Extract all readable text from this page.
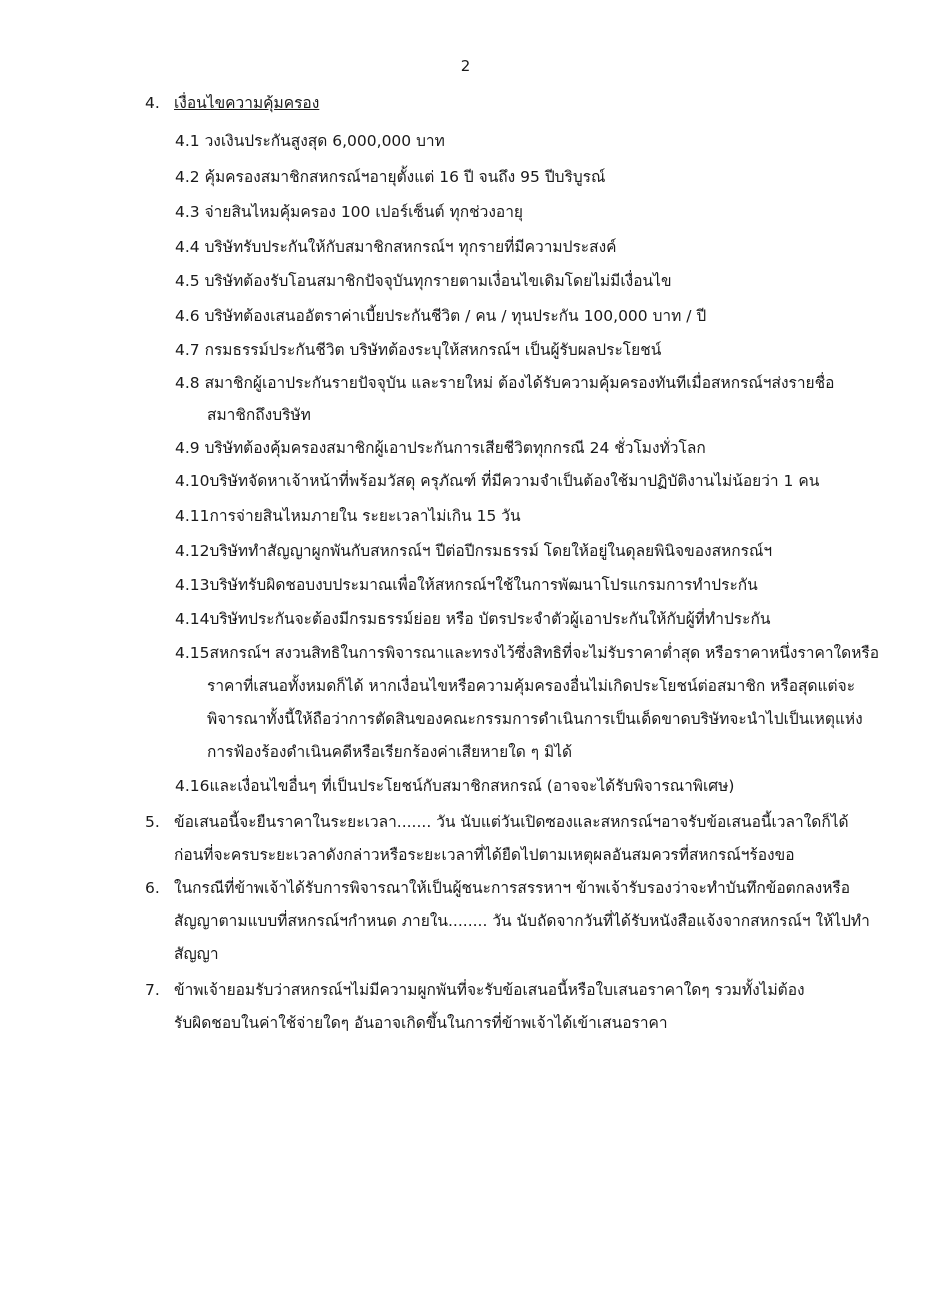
2
4. เงื่อนไขความคุ้มครอง
4.1 วงเงินประกันสูงสุด 6,000,000 บาท
4.2 คุ้มครองสมาชิกสหกรณ์ฯอายุตั้งแต่ 16 ปี จนถึง 95 ปีบริบูรณ์
4.3 จ่ายสินไหมคุ้มครอง 100 เปอร์เซ็นต์ ทุกช่วงอายุ
4.4 บริษัทรับประกันให้กับสมาชิกสหกรณ์ฯ ทุกรายที่มีความประสงค์
4.5 บริษัทต้องรับโอนสมาชิกปัจจุบันทุกรายตามเงื่อนไขเดิมโดยไม่มีเงื่อนไข
4.6 บริษัทต้องเสนออัตราค่าเบี้ยประกันชีวิต / คน / ทุนประกัน 100,000 บาท / ปี
4.7 กรมธรรม์ประกันชีวิต บริษัทต้องระบุให้สหกรณ์ฯ เป็นผู้รับผลประโยชน์
4.8 สมาชิกผู้เอาประกันรายปัจจุบัน และรายใหม่ ต้องได้รับความคุ้มครองทันทีเมื่อสหกรณ์ฯส่งรายชื่อ
สมาชิกถึงบริษัท
4.9 บริษัทต้องคุ้มครองสมาชิกผู้เอาประกันการเสียชีวิตทุกกรณี 24 ชั่วโมงทั่วโลก
4.10บริษัทจัดหาเจ้าหน้าที่พร้อมวัสดุ ครุภัณฑ์ ที่มีความจำเป็นต้องใช้มาปฏิบัติงานไม่น้อยว่า 1 คน
4.11การจ่ายสินไหมภายใน ระยะเวลาไม่เกิน 15 วัน
4.12บริษัททำสัญญาผูกพันกับสหกรณ์ฯ ปีต่อปีกรมธรรม์ โดยให้อยู่ในดุลยพินิจของสหกรณ์ฯ
4.13บริษัทรับผิดชอบงบประมาณเพื่อให้สหกรณ์ฯใช้ในการพัฒนาโปรแกรมการทำประกัน
4.14บริษัทประกันจะต้องมีกรมธรรม์ย่อย หรือ บัตรประจำตัวผู้เอาประกันให้กับผู้ที่ทำประกัน
4.15สหกรณ์ฯ สงวนสิทธิในการพิจารณาและทรงไว้ซึ่งสิทธิที่จะไม่รับราคาต่ำสุด หรือราคาหนึ่งราคาใดหรือ
ราคาที่เสนอทั้งหมดก็ได้ หากเงื่อนไขหรือความคุ้มครองอื่นไม่เกิดประโยชน์ต่อสมาชิก หรือสุดแต่จะ
พิจารณาทั้งนี้ให้ถือว่าการตัดสินของคณะกรรมการดำเนินการเป็นเด็ดขาดบริษัทจะนำไปเป็นเหตุแห่ง
การฟ้องร้องดำเนินคดีหรือเรียกร้องค่าเสียหายใด ๆ มิได้
4.16และเงื่อนไขอื่นๆ ที่เป็นประโยชน์กับสมาชิกสหกรณ์ (อาจจะได้รับพิจารณาพิเศษ)
5. ข้อเสนอนี้จะยืนราคาในระยะเวลา....... วัน นับแต่วันเปิดซองและสหกรณ์ฯอาจรับข้อเสนอนี้เวลาใดก็ได้
ก่อนที่จะครบระยะเวลาดังกล่าวหรือระยะเวลาที่ได้ยืดไปตามเหตุผลอันสมควรที่สหกรณ์ฯร้องขอ
6. ในกรณีที่ข้าพเจ้าได้รับการพิจารณาให้เป็นผู้ชนะการสรรหาฯ ข้าพเจ้ารับรองว่าจะทำบันทึกข้อตกลงหรือ
สัญญาตามแบบที่สหกรณ์ฯกำหนด ภายใน........ วัน นับถัดจากวันที่ได้รับหนังสือแจ้งจากสหกรณ์ฯ ให้ไปทำ
สัญญา
7. ข้าพเจ้ายอมรับว่าสหกรณ์ฯไม่มีความผูกพันที่จะรับข้อเสนอนี้หรือใบเสนอราคาใดๆ รวมทั้งไม่ต้อง
รับผิดชอบในค่าใช้จ่ายใดๆ อันอาจเกิดขึ้นในการที่ข้าพเจ้าได้เข้าเสนอราคา
